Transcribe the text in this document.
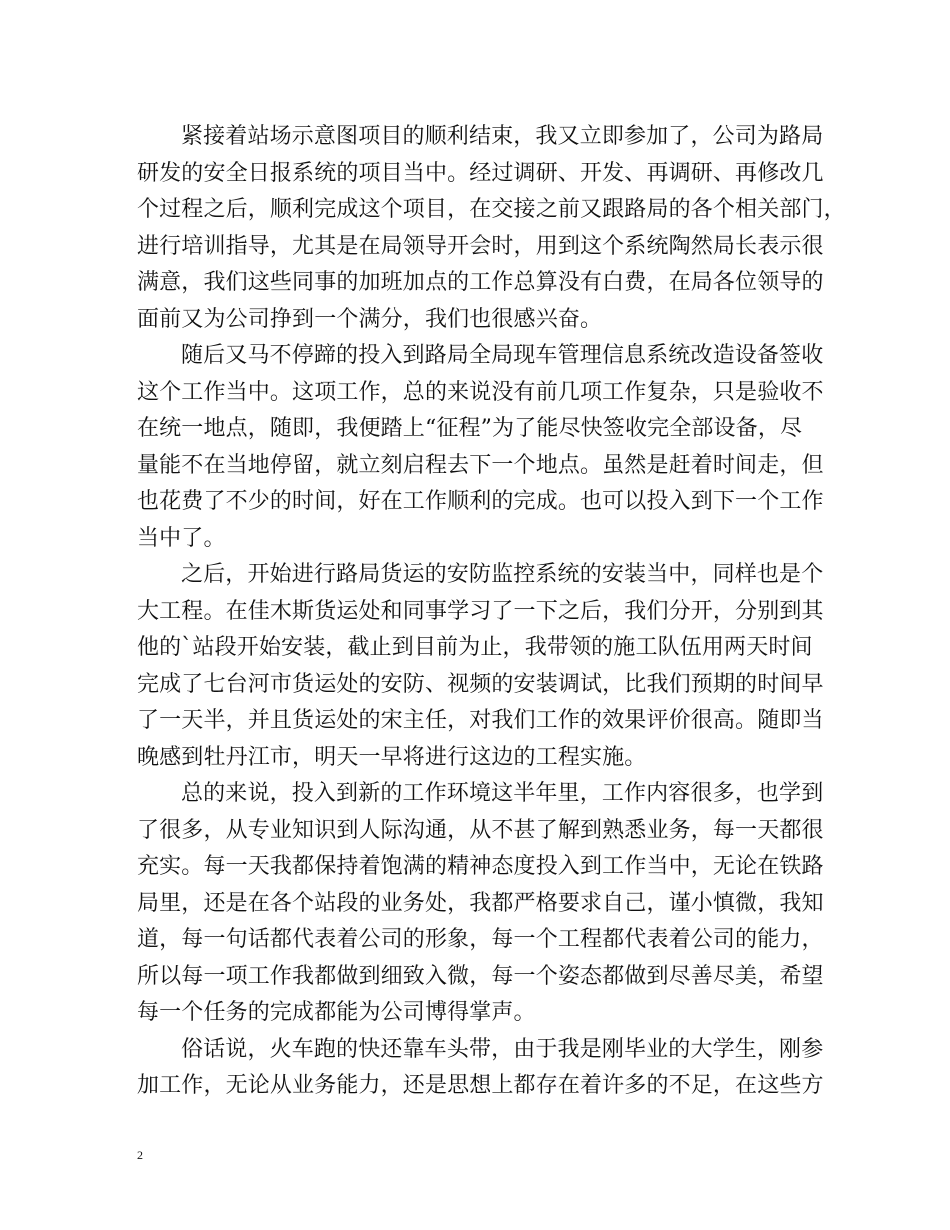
紧接着站场示意图项目的顺利结束，我又立即参加了，公司为路局
研发的安全日报系统的项目当中。经过调研、开发、再调研、再修改几
个过程之后，顺利完成这个项目，在交接之前又跟路局的各个相关部门，
进行培训指导，尤其是在局领导开会时，用到这个系统陶然局长表示很
满意，我们这些同事的加班加点的工作总算没有白费，在局各位领导的
面前又为公司挣到一个满分，我们也很感兴奋。
随后又马不停蹄的投入到路局全局现车管理信息系统改造设备签收
这个工作当中。这项工作，总的来说没有前几项工作复杂，只是验收不
在统一地点，随即，我便踏上“征程”为了能尽快签收完全部设备，尽
量能不在当地停留，就立刻启程去下一个地点。虽然是赶着时间走，但
也花费了不少的时间，好在工作顺利的完成。也可以投入到下一个工作
当中了。
之后，开始进行路局货运的安防监控系统的安装当中，同样也是个
大工程。在佳木斯货运处和同事学习了一下之后，我们分开，分别到其
他的`站段开始安装，截止到目前为止，我带领的施工队伍用两天时间
完成了七台河市货运处的安防、视频的安装调试，比我们预期的时间早
了一天半，并且货运处的宋主任，对我们工作的效果评价很高。随即当
晚感到牡丹江市，明天一早将进行这边的工程实施。
总的来说，投入到新的工作环境这半年里，工作内容很多，也学到
了很多，从专业知识到人际沟通，从不甚了解到熟悉业务，每一天都很
充实。每一天我都保持着饱满的精神态度投入到工作当中，无论在铁路
局里，还是在各个站段的业务处，我都严格要求自己，谨小慎微，我知
道，每一句话都代表着公司的形象，每一个工程都代表着公司的能力，
所以每一项工作我都做到细致入微，每一个姿态都做到尽善尽美，希望
每一个任务的完成都能为公司博得掌声。
俗话说，火车跑的快还靠车头带，由于我是刚毕业的大学生，刚参
加工作，无论从业务能力，还是思想上都存在着许多的不足，在这些方
2
